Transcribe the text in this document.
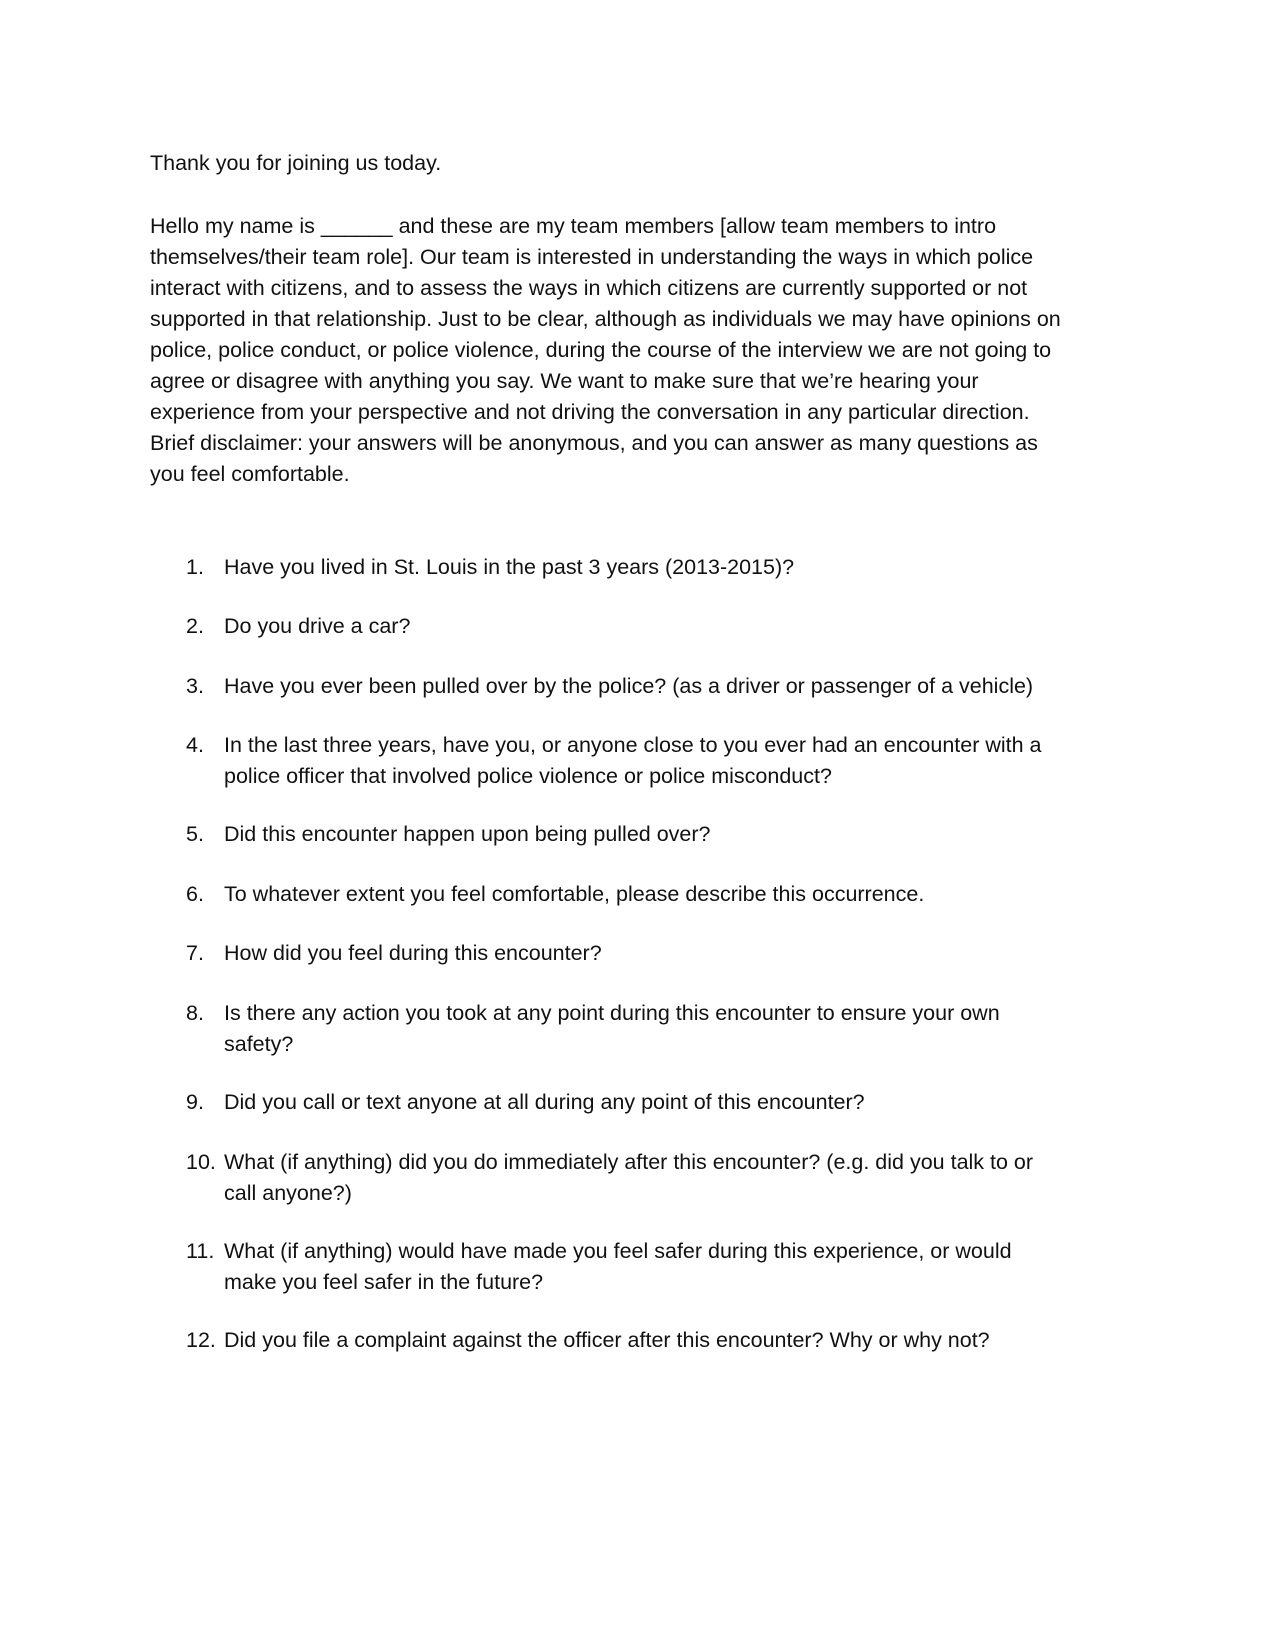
Thank you for joining us today.

Hello my name is ______ and these are my team members [allow team members to intro
themselves/their team role]. Our team is interested in understanding the ways in which police
interact with citizens, and to assess the ways in which citizens are currently supported or not
supported in that relationship. Just to be clear, although as individuals we may have opinions on
police, police conduct, or police violence, during the course of the interview we are not going to
agree or disagree with anything you say. We want to make sure that we’re hearing your
experience from your perspective and not driving the conversation in any particular direction.
Brief disclaimer: your answers will be anonymous, and you can answer as many questions as
you feel comfortable.

1. Have you lived in St. Louis in the past 3 years (2013-2015)?
2. Do you drive a car?
3. Have you ever been pulled over by the police? (as a driver or passenger of a vehicle)
4. In the last three years, have you, or anyone close to you ever had an encounter with a
police officer that involved police violence or police misconduct?
5. Did this encounter happen upon being pulled over?
6. To whatever extent you feel comfortable, please describe this occurrence.
7. How did you feel during this encounter?
8. Is there any action you took at any point during this encounter to ensure your own
safety?
9. Did you call or text anyone at all during any point of this encounter?
10. What (if anything) did you do immediately after this encounter? (e.g. did you talk to or
call anyone?)
11. What (if anything) would have made you feel safer during this experience, or would
make you feel safer in the future?
12. Did you file a complaint against the officer after this encounter? Why or why not?
